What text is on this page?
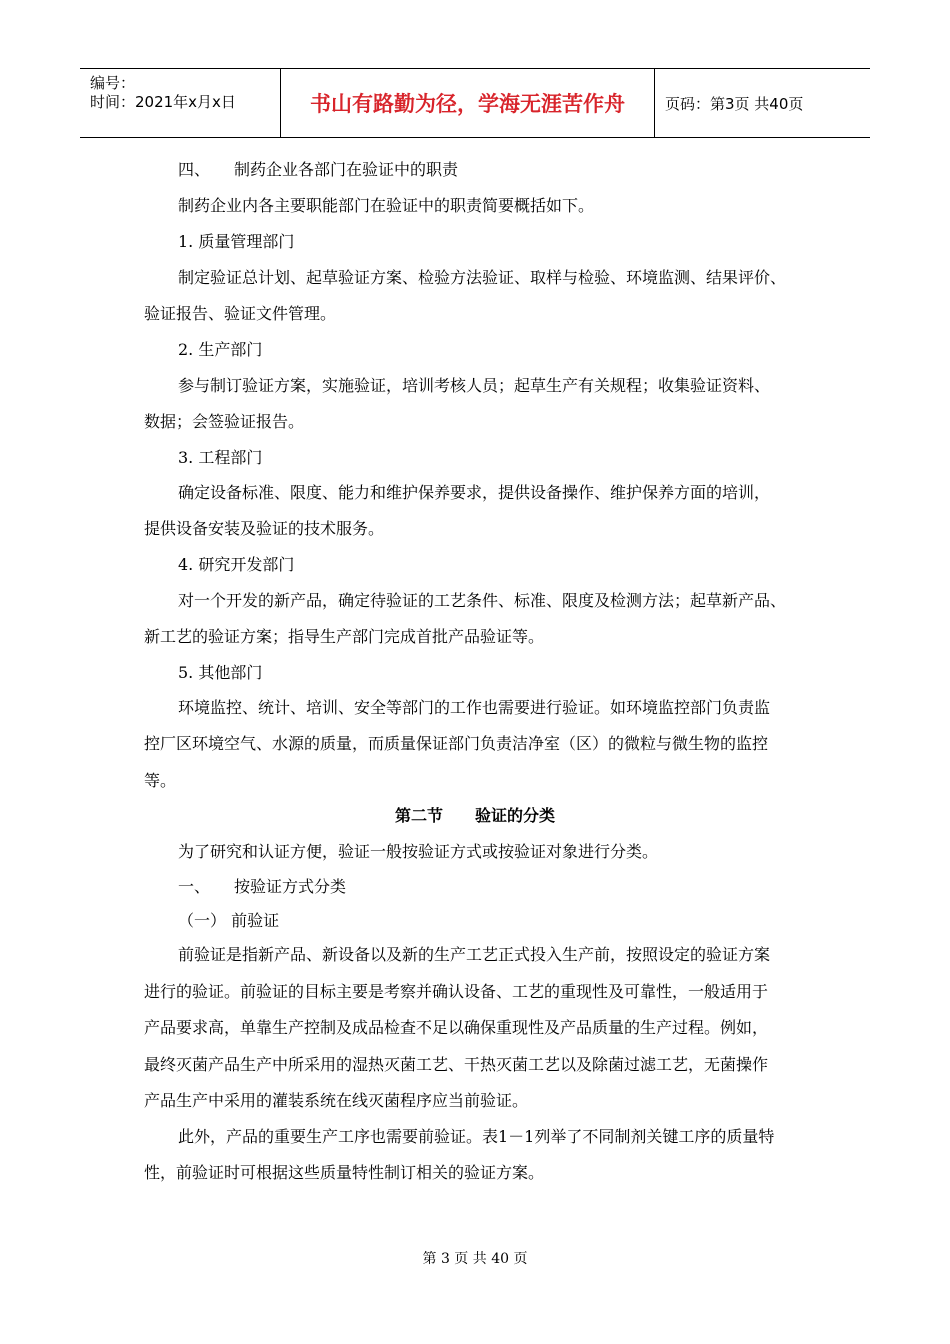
编号：
时间：2021年x月x日	书山有路勤为径，学海无涯苦作舟	页码：第3页 共40页
四、　　制药企业各部门在验证中的职责
制药企业内各主要职能部门在验证中的职责简要概括如下。
1. 质量管理部门
制定验证总计划、起草验证方案、检验方法验证、取样与检验、环境监测、结果评价、
验证报告、验证文件管理。
2. 生产部门
参与制订验证方案，实施验证，培训考核人员；起草生产有关规程；收集验证资料、
数据；会签验证报告。
3. 工程部门
确定设备标准、限度、能力和维护保养要求，提供设备操作、维护保养方面的培训，
提供设备安装及验证的技术服务。
4. 研究开发部门
对一个开发的新产品，确定待验证的工艺条件、标准、限度及检测方法；起草新产品、
新工艺的验证方案；指导生产部门完成首批产品验证等。
5. 其他部门
环境监控、统计、培训、安全等部门的工作也需要进行验证。如环境监控部门负责监
控厂区环境空气、水源的质量，而质量保证部门负责洁净室（区）的微粒与微生物的监控
等。
第二节　　验证的分类
为了研究和认证方便，验证一般按验证方式或按验证对象进行分类。
一、　　按验证方式分类
（一） 前验证
前验证是指新产品、新设备以及新的生产工艺正式投入生产前，按照设定的验证方案
进行的验证。前验证的目标主要是考察并确认设备、工艺的重现性及可靠性，一般适用于
产品要求高，单靠生产控制及成品检查不足以确保重现性及产品质量的生产过程。例如，
最终灭菌产品生产中所采用的湿热灭菌工艺、干热灭菌工艺以及除菌过滤工艺，无菌操作
产品生产中采用的灌装系统在线灭菌程序应当前验证。
此外，产品的重要生产工序也需要前验证。表1－1列举了不同制剂关键工序的质量特
性，前验证时可根据这些质量特性制订相关的验证方案。
第 3 页 共 40 页
